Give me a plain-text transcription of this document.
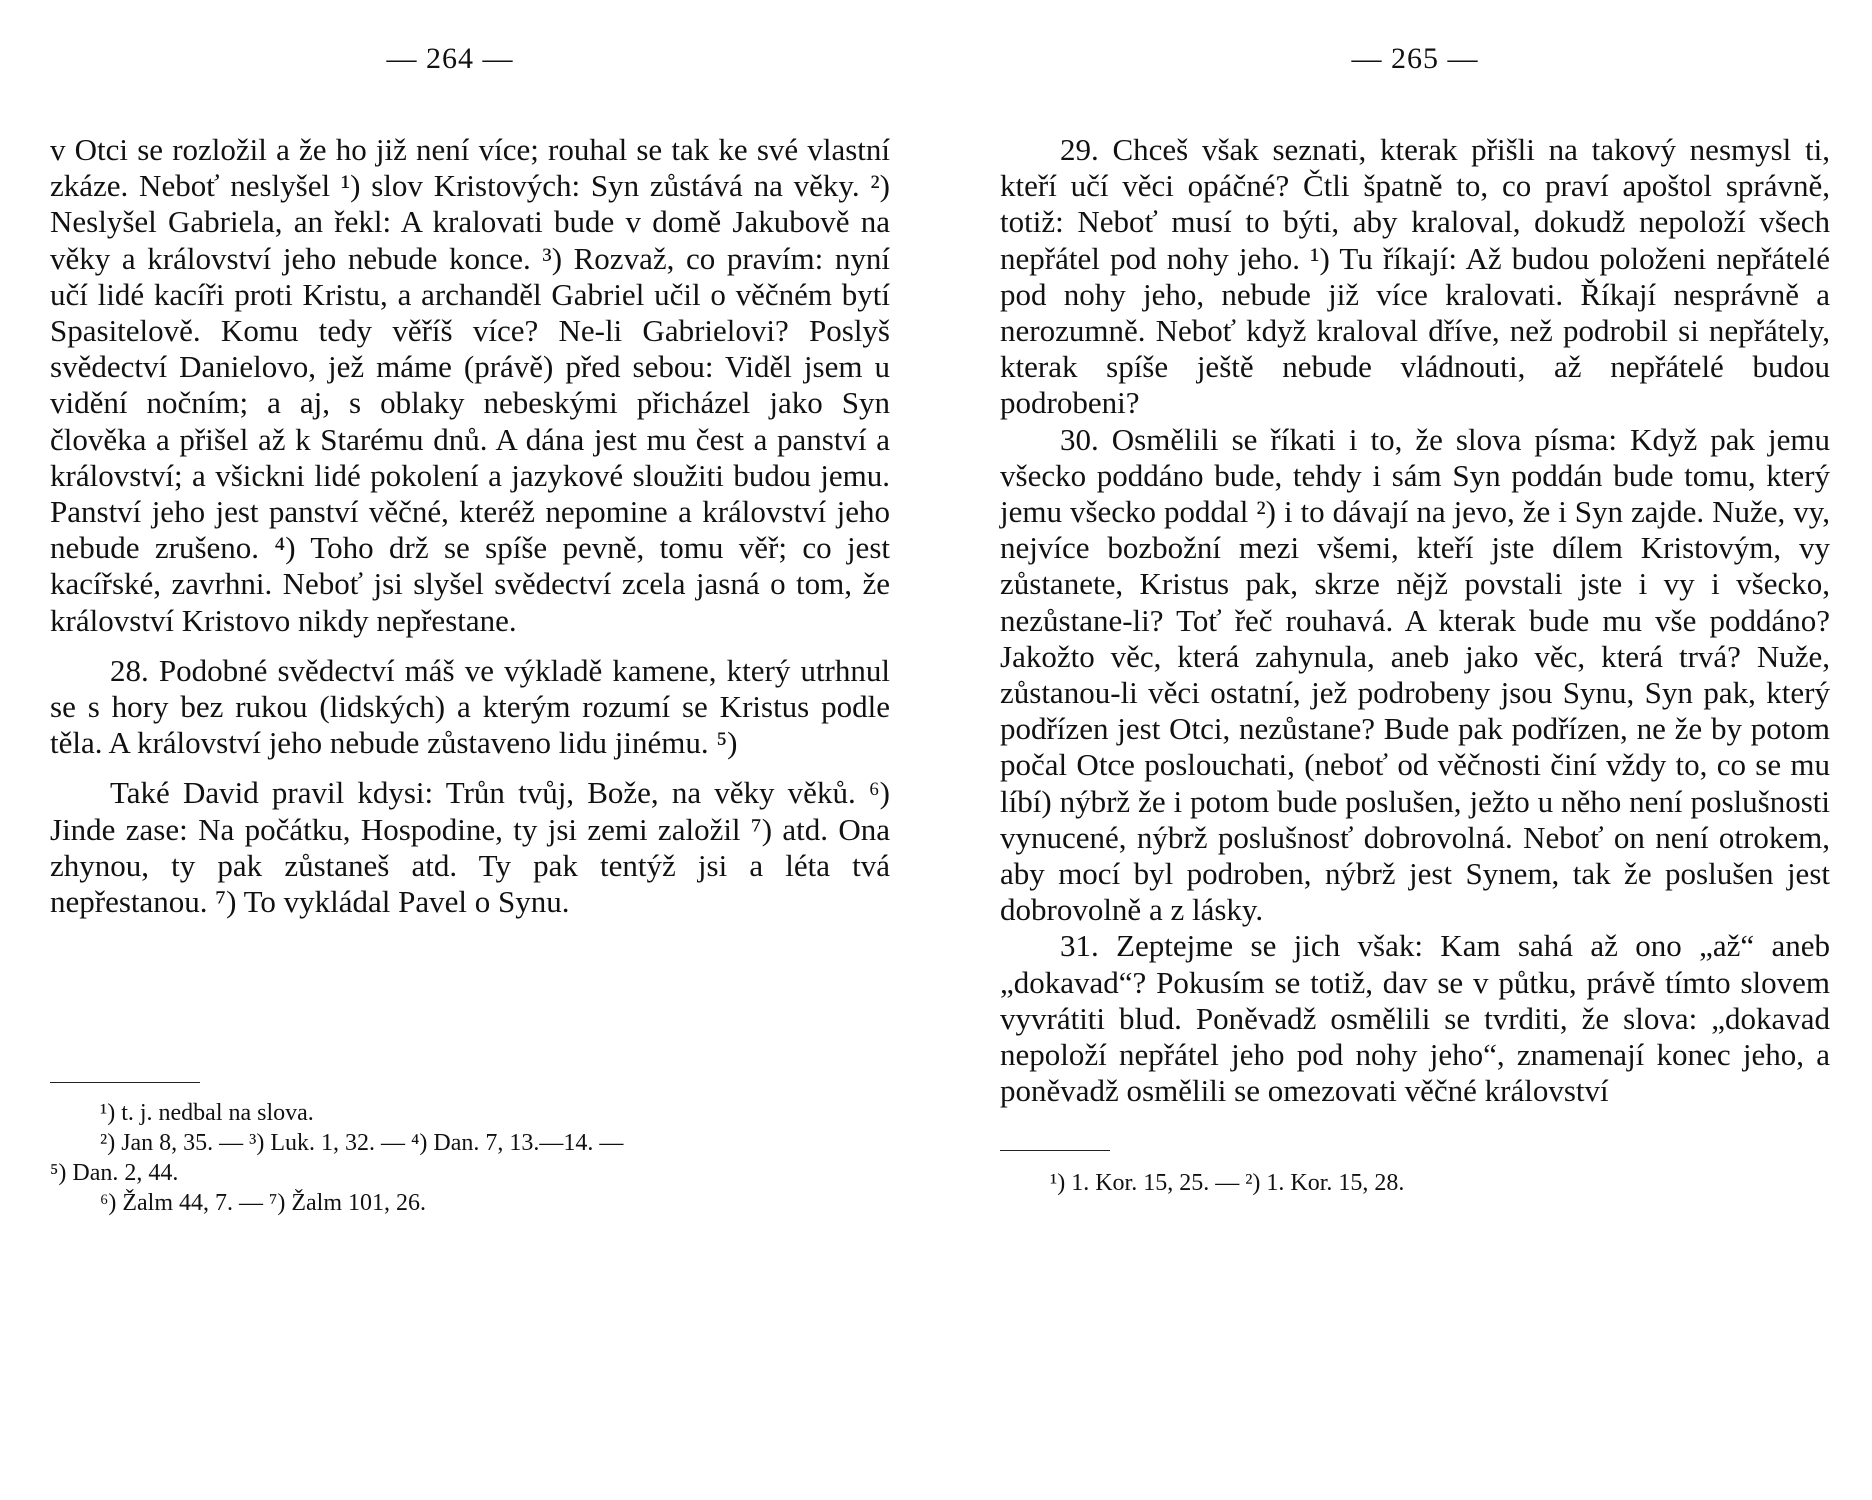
— 264 —

v Otci se rozložil a že ho již není více; rouhal se tak ke své vlastní zkáze. Neboť neslyšel ¹) slov Kristových: Syn zůstává na věky. ²) Neslyšel Gabriela, an řekl: A kralovati bude v domě Jakubově na věky a království jeho nebude konce. ³) Rozvaž, co pravím: nyní učí lidé kacíři proti Kristu, a archanděl Gabriel učil o věčném bytí Spasitelově. Komu tedy věříš více? Ne-li Gabrielovi? Poslyš svědectví Danielovo, jež máme (právě) před sebou: Viděl jsem u vidění nočním; a aj, s oblaky nebeskými přicházel jako Syn člověka a přišel až k Starému dnů. A dána jest mu čest a panství a království; a všickni lidé pokolení a jazykové sloužiti budou jemu. Panství jeho jest panství věčné, kteréž nepomine a království jeho nebude zrušeno. ⁴) Toho drž se spíše pevně, tomu věř; co jest kacířské, zavrhni. Neboť jsi slyšel svědectví zcela jasná o tom, že království Kristovo nikdy nepřestane.

28. Podobné svědectví máš ve výkladě kamene, který utrhnul se s hory bez rukou (lidských) a kterým rozumí se Kristus podle těla. A království jeho nebude zůstaveno lidu jinému. ⁵)

Také David pravil kdysi: Trůn tvůj, Bože, na věky věků. ⁶) Jinde zase: Na počátku, Hospodine, ty jsi zemi založil ⁷) atd. Ona zhynou, ty pak zůstaneš atd. Ty pak tentýž jsi a léta tvá nepřestanou. ⁷) To vykládal Pavel o Synu.

¹) t. j. nedbal na slova.
²) Jan 8, 35. — ³) Luk. 1, 32. — ⁴) Dan. 7, 13.—14. —
⁵) Dan. 2, 44.
⁶) Žalm 44, 7. — ⁷) Žalm 101, 26.
— 265 —

29. Chceš však seznati, kterak přišli na takový nesmysl ti, kteří učí věci opáčné? Čtli špatně to, co praví apoštol správně, totiž: Neboť musí to býti, aby kraloval, dokudž nepoloží všech nepřátel pod nohy jeho. ¹) Tu říkají: Až budou položeni nepřátelé pod nohy jeho, nebude již více kralovati. Říkají nesprávně a nerozumně. Neboť když kraloval dříve, než podrobil si nepřátely, kterak spíše ještě nebude vládnouti, až nepřátelé budou podrobeni?

30. Osmělili se říkati i to, že slova písma: Když pak jemu všecko poddáno bude, tehdy i sám Syn poddán bude tomu, který jemu všecko poddal ²) i to dávají na jevo, že i Syn zajde. Nuže, vy, nejvíce bozbožní mezi všemi, kteří jste dílem Kristovým, vy zůstanete, Kristus pak, skrze nějž povstali jste i vy i všecko, nezůstane-li? Toť řeč rouhavá. A kterak bude mu vše poddáno? Jakožto věc, která zahynula, aneb jako věc, která trvá? Nuže, zůstanou-li věci ostatní, jež podrobeny jsou Synu, Syn pak, který podřízen jest Otci, nezůstane? Bude pak podřízen, ne že by potom počal Otce poslouchati, (neboť od věčnosti činí vždy to, co se mu líbí) nýbrž že i potom bude poslušen, ježto u něho není poslušnosti vynucené, nýbrž poslušnosť dobrovolná. Neboť on není otrokem, aby mocí byl podroben, nýbrž jest Synem, tak že poslušen jest dobrovolně a z lásky.

31. Zeptejme se jich však: Kam sahá až ono „až“ aneb „dokavad“? Pokusím se totiž, dav se v půtku, právě tímto slovem vyvrátiti blud. Poněvadž osmělili se tvrditi, že slova: „dokavad nepoloží nepřátel jeho pod nohy jeho“, znamenají konec jeho, a poněvadž osmělili se omezovati věčné království

¹) 1. Kor. 15, 25. — ²) 1. Kor. 15, 28.
